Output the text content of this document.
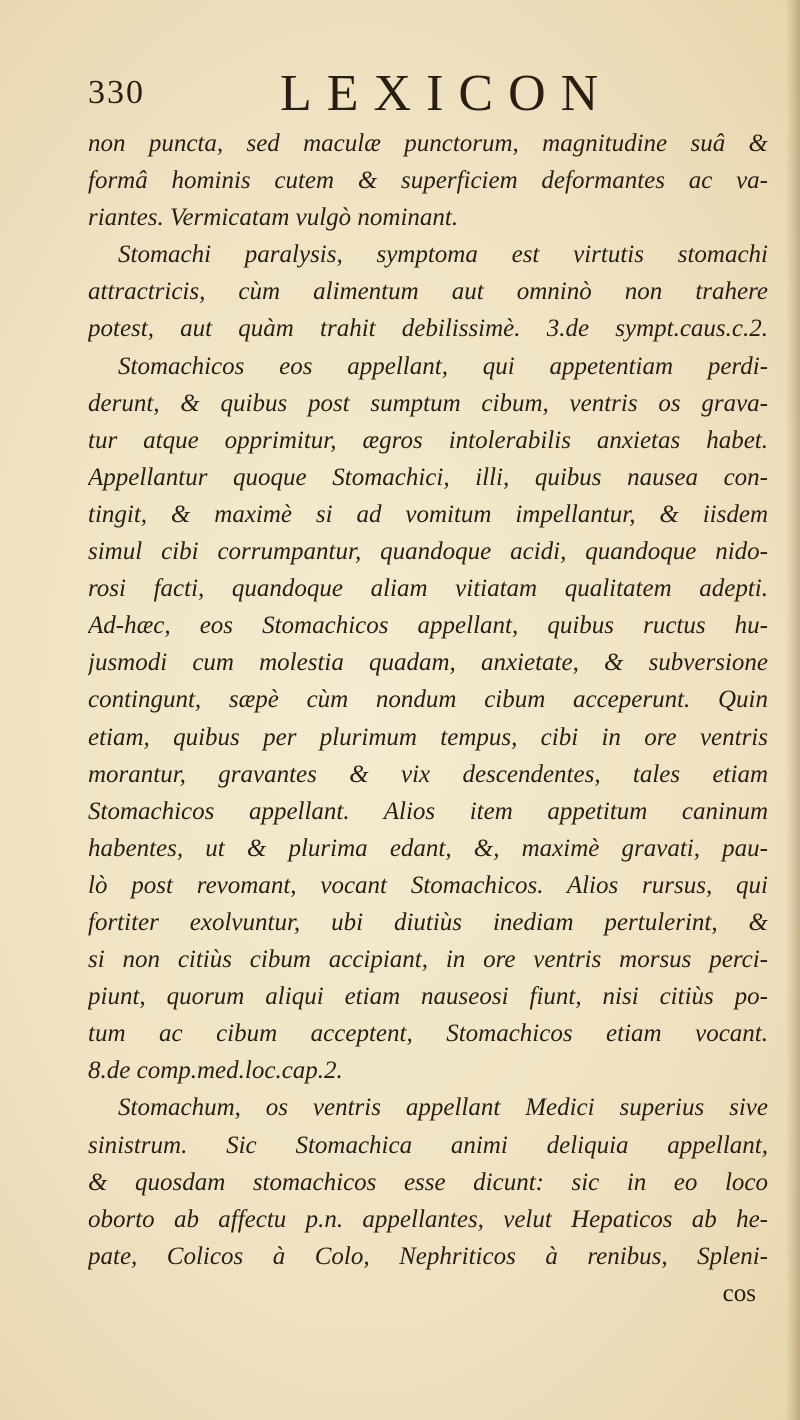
330	LEXICON
non puncta, sed maculæ punctorum, magnitudine suâ &
formâ hominis cutem & superficiem deformantes ac va-
riantes. Vermicatam vulgò nominant.
Stomachi paralysis, symptoma est virtutis stomachi
attractricis, cùm alimentum aut omninò non trahere
potest, aut quàm trahit debilissimè. 3.de sympt.caus.c.2.
Stomachicos eos appellant, qui appetentiam perdi-
derunt, & quibus post sumptum cibum, ventris os grava-
tur atque opprimitur, ægros intolerabilis anxietas habet.
Appellantur quoque Stomachici, illi, quibus nausea con-
tingit, & maximè si ad vomitum impellantur, & iisdem
simul cibi corrumpantur, quandoque acidi, quandoque nido-
rosi facti, quandoque aliam vitiatam qualitatem adepti.
Ad-hæc, eos Stomachicos appellant, quibus ructus hu-
jusmodi cum molestia quadam, anxietate, & subversione
contingunt, sæpè cùm nondum cibum acceperunt. Quin
etiam, quibus per plurimum tempus, cibi in ore ventris
morantur, gravantes & vix descendentes, tales etiam
Stomachicos appellant. Alios item appetitum caninum
habentes, ut & plurima edant, &, maximè gravati, pau-
lò post revomant, vocant Stomachicos. Alios rursus, qui
fortiter exolvuntur, ubi diutiùs inediam pertulerint, &
si non citiùs cibum accipiant, in ore ventris morsus perci-
piunt, quorum aliqui etiam nauseosi fiunt, nisi citiùs po-
tum ac cibum acceptent, Stomachicos etiam vocant.
8.de comp.med.loc.cap.2.
Stomachum, os ventris appellant Medici superius sive
sinistrum. Sic Stomachica animi deliquia appellant,
& quosdam stomachicos esse dicunt: sic in eo loco
oborto ab affectu p.n. appellantes, velut Hepaticos ab he-
pate, Colicos à Colo, Nephriticos à renibus, Spleni-
cos
